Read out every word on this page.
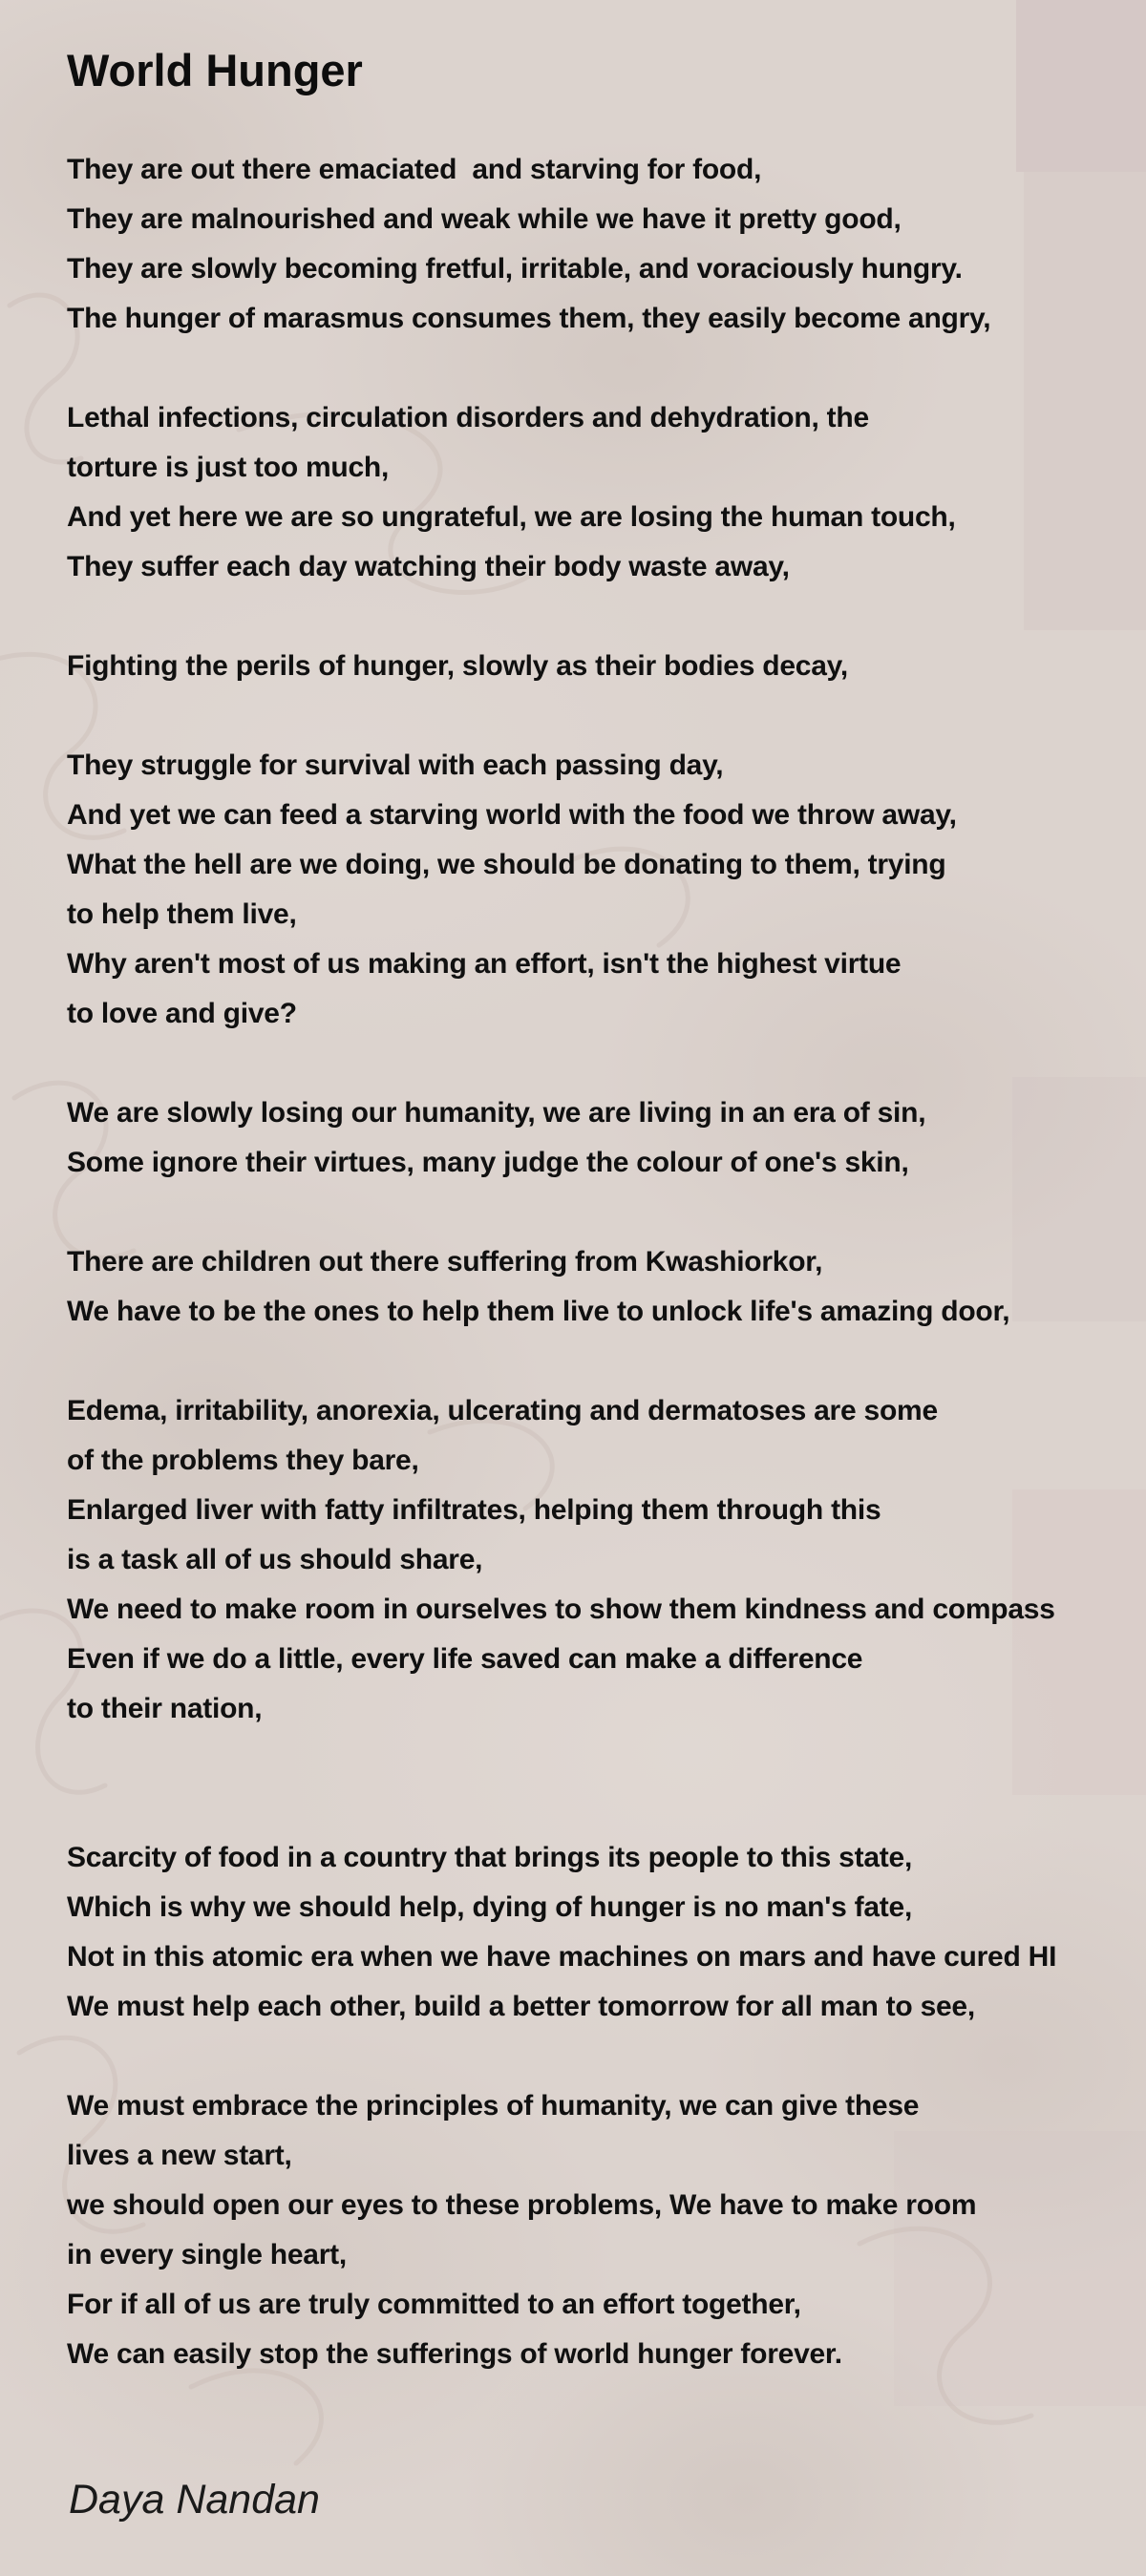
World Hunger
They are out there emaciated  and starving for food,
They are malnourished and weak while we have it pretty good,
They are slowly becoming fretful, irritable, and voraciously hungry.
The hunger of marasmus consumes them, they easily become angry,
Lethal infections, circulation disorders and dehydration, the
torture is just too much,
And yet here we are so ungrateful, we are losing the human touch,
They suffer each day watching their body waste away,
Fighting the perils of hunger, slowly as their bodies decay,
They struggle for survival with each passing day,
And yet we can feed a starving world with the food we throw away,
What the hell are we doing, we should be donating to them, trying
to help them live,
Why aren't most of us making an effort, isn't the highest virtue
to love and give?
We are slowly losing our humanity, we are living in an era of sin,
Some ignore their virtues, many judge the colour of one's skin,
There are children out there suffering from Kwashiorkor,
We have to be the ones to help them live to unlock life's amazing door,
Edema, irritability, anorexia, ulcerating and dermatoses are some
of the problems they bare,
Enlarged liver with fatty infiltrates, helping them through this
is a task all of us should share,
We need to make room in ourselves to show them kindness and compass
Even if we do a little, every life saved can make a difference
to their nation,
Scarcity of food in a country that brings its people to this state,
Which is why we should help, dying of hunger is no man's fate,
Not in this atomic era when we have machines on mars and have cured HI
We must help each other, build a better tomorrow for all man to see,
We must embrace the principles of humanity, we can give these
lives a new start,
we should open our eyes to these problems, We have to make room
in every single heart,
For if all of us are truly committed to an effort together,
We can easily stop the sufferings of world hunger forever.
Daya Nandan
